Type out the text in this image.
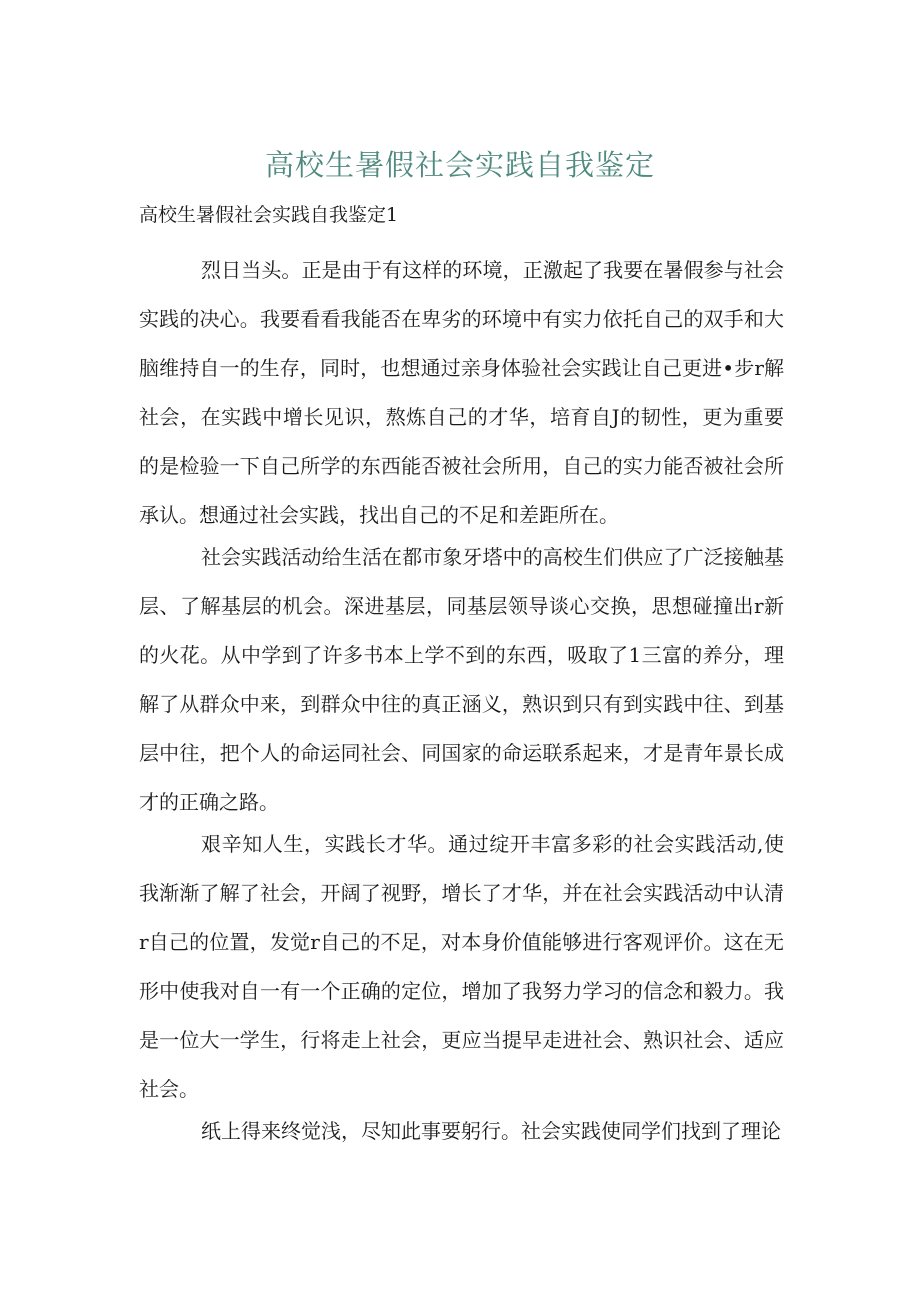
高校生暑假社会实践自我鉴定

高校生暑假社会实践自我鉴定1

烈日当头。正是由于有这样的环境，正激起了我要在暑假参与社会实践的决心。我要看看我能否在卑劣的环境中有实力依托自己的双手和大脑维持自一的生存，同时，也想通过亲身体验社会实践让自己更进•步r解社会，在实践中增长见识，熬炼自己的才华，培育自J的韧性，更为重要的是检验一下自己所学的东西能否被社会所用，自己的实力能否被社会所承认。想通过社会实践，找出自己的不足和差距所在。

社会实践活动给生活在都市象牙塔中的高校生们供应了广泛接触基层、了解基层的机会。深进基层，同基层领导谈心交换，思想碰撞出r新的火花。从中学到了许多书本上学不到的东西，吸取了1三富的养分，理解了从群众中来，到群众中往的真正涵义，熟识到只有到实践中往、到基层中往，把个人的命运同社会、同国家的命运联系起来，才是青年景长成才的正确之路。

艰辛知人生，实践长才华。通过绽开丰富多彩的社会实践活动,使我渐渐了解了社会，开阔了视野，增长了才华，并在社会实践活动中认清r自己的位置，发觉r自己的不足，对本身价值能够进行客观评价。这在无形中使我对自一有一个正确的定位，增加了我努力学习的信念和毅力。我是一位大一学生，行将走上社会，更应当提早走进社会、熟识社会、适应社会。

纸上得来终觉浅，尽知此事要躬行。社会实践使同学们找到了理论
